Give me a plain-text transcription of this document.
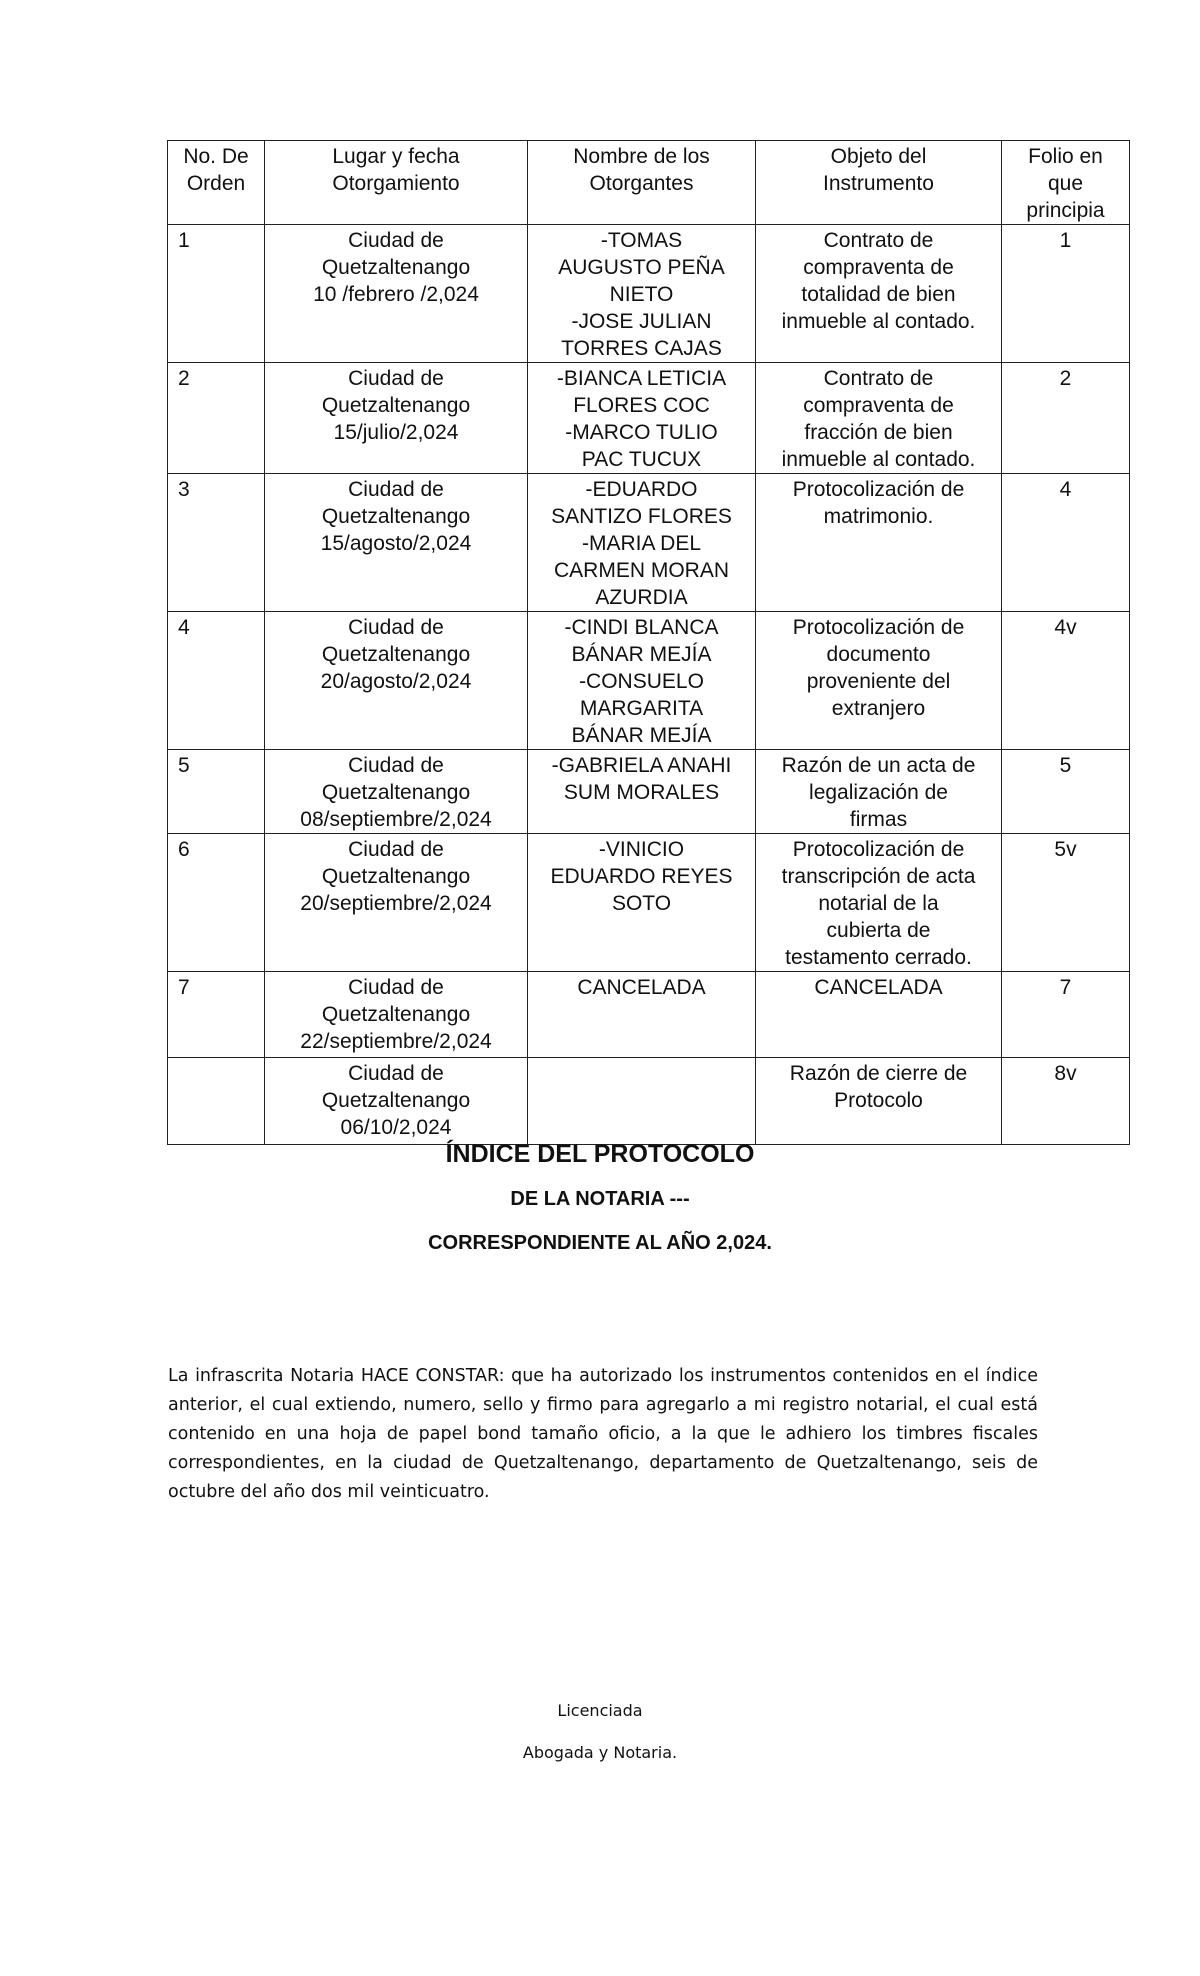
No. De
Orden	Lugar y fecha
Otorgamiento	Nombre de los
Otorgantes	Objeto del
Instrumento	Folio en
que
principia
1	Ciudad de
Quetzaltenango
10 /febrero /2,024	-TOMAS
AUGUSTO PEÑA
NIETO
-JOSE JULIAN
TORRES CAJAS	Contrato de
compraventa de
totalidad de bien
inmueble al contado.	1
2	Ciudad de
Quetzaltenango
15/julio/2,024	-BIANCA LETICIA
FLORES COC
-MARCO TULIO
PAC TUCUX	Contrato de
compraventa de
fracción de bien
inmueble al contado.	2
3	Ciudad de
Quetzaltenango
15/agosto/2,024	-EDUARDO
SANTIZO FLORES
-MARIA DEL
CARMEN MORAN
AZURDIA	Protocolización de
matrimonio.	4
4	Ciudad de
Quetzaltenango
20/agosto/2,024	-CINDI BLANCA
BÁNAR MEJÍA
-CONSUELO
MARGARITA
BÁNAR MEJÍA	Protocolización de
documento
proveniente del
extranjero	4v
5	Ciudad de
Quetzaltenango
08/septiembre/2,024	-GABRIELA ANAHI
SUM MORALES	Razón de un acta de
legalización de
firmas	5
6	Ciudad de
Quetzaltenango
20/septiembre/2,024	-VINICIO
EDUARDO REYES
SOTO	Protocolización de
transcripción de acta
notarial de la
cubierta de
testamento cerrado.	5v
7	Ciudad de
Quetzaltenango
22/septiembre/2,024	CANCELADA	CANCELADA	7
	Ciudad de
Quetzaltenango
06/10/2,024		Razón de cierre de
Protocolo	8v
ÍNDICE DEL PROTOCOLO
DE LA NOTARIA ---
CORRESPONDIENTE AL AÑO 2,024.
La infrascrita Notaria HACE CONSTAR: que ha autorizado los instrumentos contenidos en el índice anterior, el cual extiendo, numero, sello y firmo para agregarlo a mi registro notarial, el cual está contenido en una hoja de papel bond tamaño oficio, a la que le adhiero los timbres fiscales correspondientes, en la ciudad de Quetzaltenango, departamento de Quetzaltenango, seis de octubre del año dos mil veinticuatro.
Licenciada
Abogada y Notaria.
